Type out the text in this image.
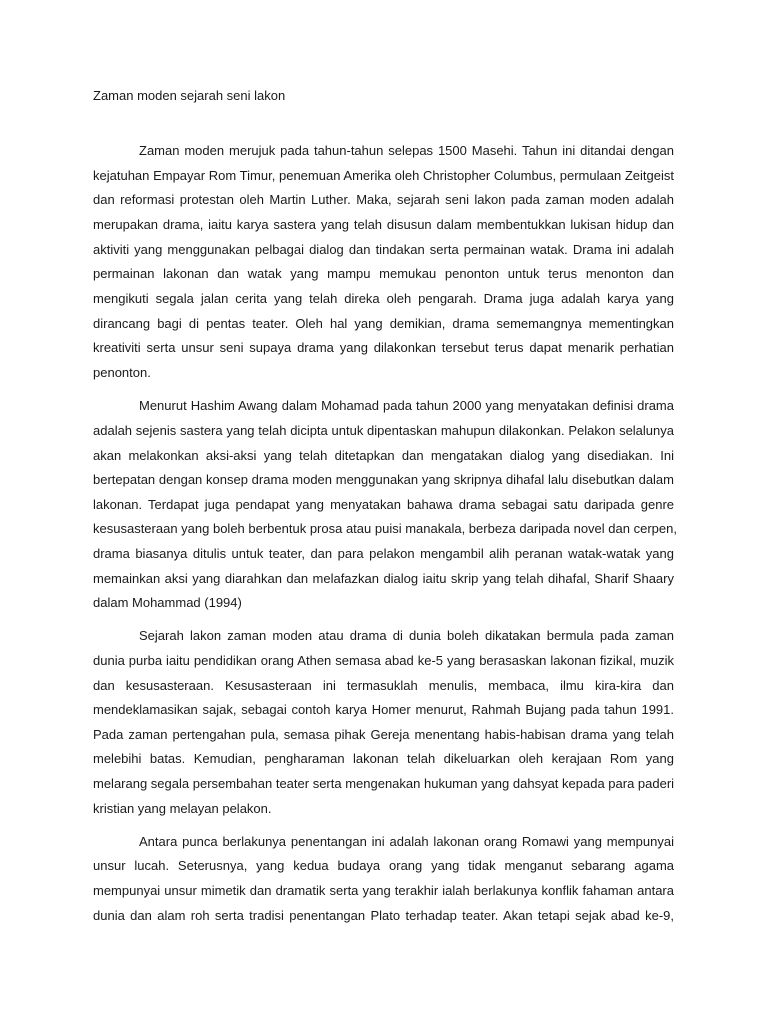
Zaman moden sejarah seni lakon
Zaman moden merujuk pada tahun-tahun selepas 1500 Masehi. Tahun ini ditandai dengan
kejatuhan Empayar Rom Timur, penemuan Amerika oleh Christopher Columbus, permulaan Zeitgeist
dan reformasi protestan oleh Martin Luther. Maka, sejarah seni lakon pada zaman moden adalah
merupakan drama, iaitu karya sastera yang telah disusun dalam membentukkan lukisan hidup dan
aktiviti yang menggunakan pelbagai dialog dan tindakan serta permainan watak. Drama ini adalah
permainan lakonan dan watak yang mampu memukau penonton untuk terus menonton dan
mengikuti segala jalan cerita yang telah direka oleh pengarah. Drama juga adalah karya yang
dirancang bagi di pentas teater. Oleh hal yang demikian, drama sememangnya mementingkan
kreativiti serta unsur seni supaya drama yang dilakonkan tersebut terus dapat menarik perhatian
penonton.
Menurut Hashim Awang dalam Mohamad pada tahun 2000 yang menyatakan definisi drama
adalah sejenis sastera yang telah dicipta untuk dipentaskan mahupun dilakonkan. Pelakon selalunya
akan melakonkan aksi-aksi yang telah ditetapkan dan mengatakan dialog yang disediakan. Ini
bertepatan dengan konsep drama moden menggunakan yang skripnya dihafal lalu disebutkan dalam
lakonan. Terdapat juga pendapat yang menyatakan bahawa drama sebagai satu daripada genre
kesusasteraan yang boleh berbentuk prosa atau puisi manakala, berbeza daripada novel dan cerpen,
drama biasanya ditulis untuk teater, dan para pelakon mengambil alih peranan watak-watak yang
memainkan aksi yang diarahkan dan melafazkan dialog iaitu skrip yang telah dihafal, Sharif Shaary
dalam Mohammad (1994)
Sejarah lakon zaman moden atau drama di dunia boleh dikatakan bermula pada zaman
dunia purba iaitu pendidikan orang Athen semasa abad ke-5 yang berasaskan lakonan fizikal, muzik
dan kesusasteraan. Kesusasteraan ini termasuklah menulis, membaca, ilmu kira-kira dan
mendeklamasikan sajak, sebagai contoh karya Homer menurut, Rahmah Bujang pada tahun 1991.
Pada zaman pertengahan pula, semasa pihak Gereja menentang habis-habisan drama yang telah
melebihi batas. Kemudian, pengharaman lakonan telah dikeluarkan oleh kerajaan Rom yang
melarang segala persembahan teater serta mengenakan hukuman yang dahsyat kepada para paderi
kristian yang melayan pelakon.
Antara punca berlakunya penentangan ini adalah lakonan orang Romawi yang mempunyai
unsur lucah. Seterusnya, yang kedua budaya orang yang tidak menganut sebarang agama
mempunyai unsur mimetik dan dramatik serta yang terakhir ialah berlakunya konflik fahaman antara
dunia dan alam roh serta tradisi penentangan Plato terhadap teater. Akan tetapi sejak abad ke-9,
